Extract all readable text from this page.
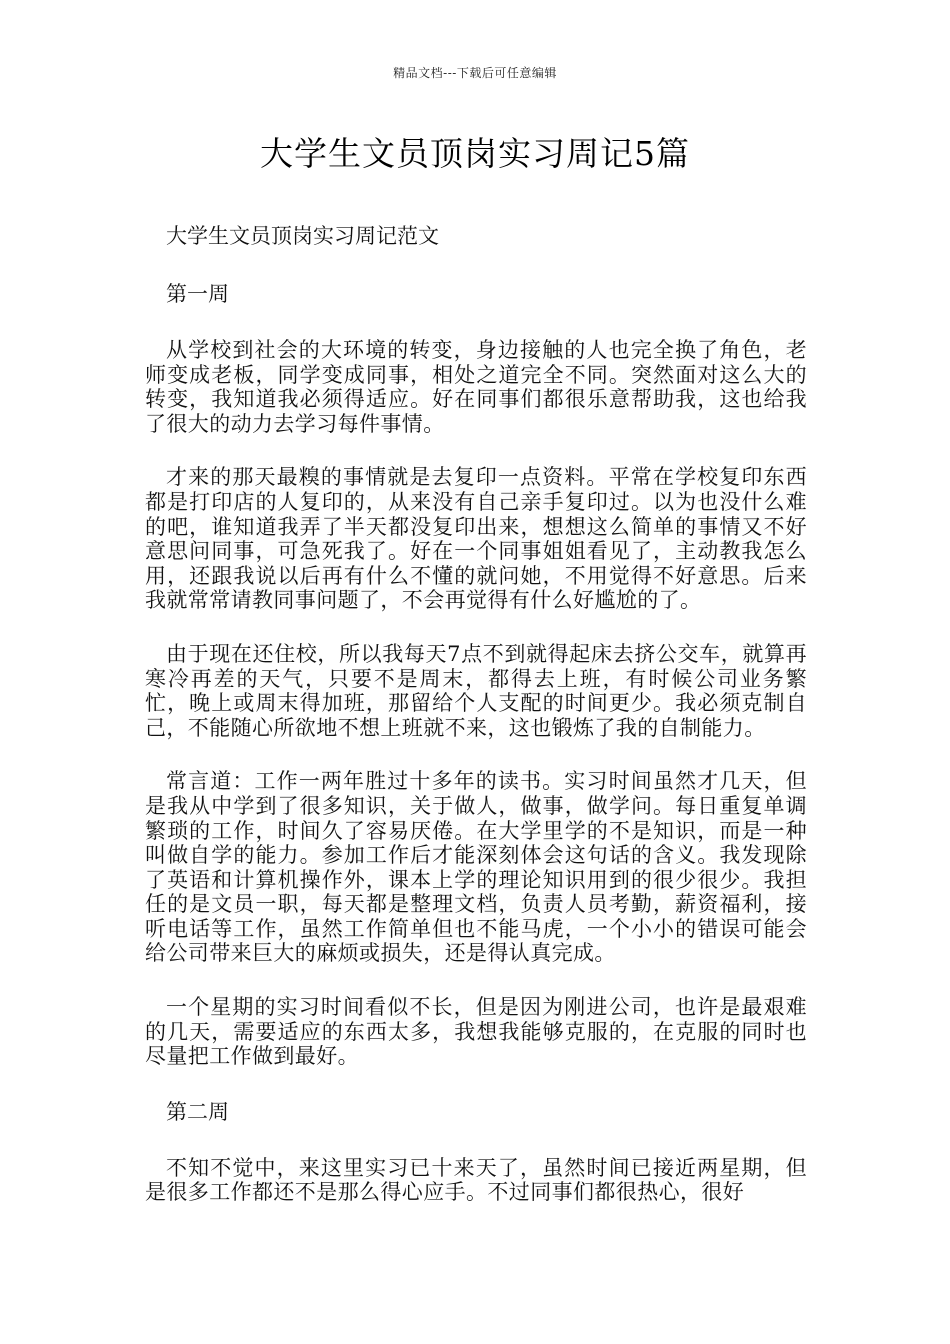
精品文档---下载后可任意编辑
大学生文员顶岗实习周记5篇

大学生文员顶岗实习周记范文

第一周

从学校到社会的大环境的转变，身边接触的人也完全换了角色，老师变成老板，同学变成同事，相处之道完全不同。突然面对这么大的转变，我知道我必须得适应。好在同事们都很乐意帮助我，这也给我了很大的动力去学习每件事情。

才来的那天最糗的事情就是去复印一点资料。平常在学校复印东西都是打印店的人复印的，从来没有自己亲手复印过。以为也没什么难的吧，谁知道我弄了半天都没复印出来，想想这么简单的事情又不好意思问同事，可急死我了。好在一个同事姐姐看见了，主动教我怎么用，还跟我说以后再有什么不懂的就问她，不用觉得不好意思。后来我就常常请教同事问题了，不会再觉得有什么好尴尬的了。

由于现在还住校，所以我每天7点不到就得起床去挤公交车，就算再寒冷再差的天气，只要不是周末，都得去上班，有时候公司业务繁忙，晚上或周末得加班，那留给个人支配的时间更少。我必须克制自己，不能随心所欲地不想上班就不来，这也锻炼了我的自制能力。

常言道：工作一两年胜过十多年的读书。实习时间虽然才几天，但是我从中学到了很多知识，关于做人，做事，做学问。每日重复单调繁琐的工作，时间久了容易厌倦。在大学里学的不是知识，而是一种叫做自学的能力。参加工作后才能深刻体会这句话的含义。我发现除了英语和计算机操作外，课本上学的理论知识用到的很少很少。我担任的是文员一职，每天都是整理文档，负责人员考勤，薪资福利，接听电话等工作，虽然工作简单但也不能马虎，一个小小的错误可能会给公司带来巨大的麻烦或损失，还是得认真完成。

一个星期的实习时间看似不长，但是因为刚进公司，也许是最艰难的几天，需要适应的东西太多，我想我能够克服的，在克服的同时也尽量把工作做到最好。

第二周

不知不觉中，来这里实习已十来天了，虽然时间已接近两星期，但是很多工作都还不是那么得心应手。不过同事们都很热心，很好
